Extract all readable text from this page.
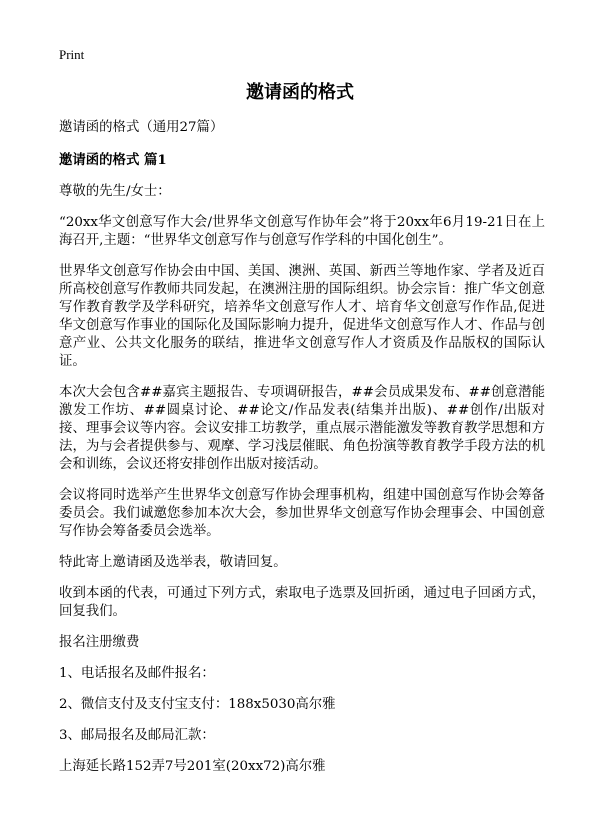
Print
邀请函的格式

邀请函的格式（通用27篇）

邀请函的格式 篇1

尊敬的先生/女士：

“20xx华文创意写作大会/世界华文创意写作协年会”将于20xx年6月19-21日在上海召开,主题：“世界华文创意写作与创意写作学科的中国化创生”。

世界华文创意写作协会由中国、美国、澳洲、英国、新西兰等地作家、学者及近百所高校创意写作教师共同发起，在澳洲注册的国际组织。协会宗旨：推广华文创意写作教育教学及学科研究，培养华文创意写作人才、培育华文创意写作作品,促进华文创意写作事业的国际化及国际影响力提升，促进华文创意写作人才、作品与创意产业、公共文化服务的联结，推进华文创意写作人才资质及作品版权的国际认证。

本次大会包含##嘉宾主题报告、专项调研报告，##会员成果发布、##创意潜能激发工作坊、##圆桌讨论、##论文/作品发表(结集并出版)、##创作/出版对接、理事会议等内容。会议安排工坊教学，重点展示潜能激发等教育教学思想和方法，为与会者提供参与、观摩、学习浅层催眠、角色扮演等教育教学手段方法的机会和训练，会议还将安排创作出版对接活动。

会议将同时选举产生世界华文创意写作协会理事机构，组建中国创意写作协会筹备委员会。我们诚邀您参加本次大会，参加世界华文创意写作协会理事会、中国创意写作协会筹备委员会选举。

特此寄上邀请函及选举表，敬请回复。

收到本函的代表，可通过下列方式，索取电子选票及回折函，通过电子回函方式，回复我们。

报名注册缴费

1、电话报名及邮件报名：

2、微信支付及支付宝支付：188x5030高尔雅

3、邮局报名及邮局汇款：

上海延长路152弄7号201室(20xx72)高尔雅
